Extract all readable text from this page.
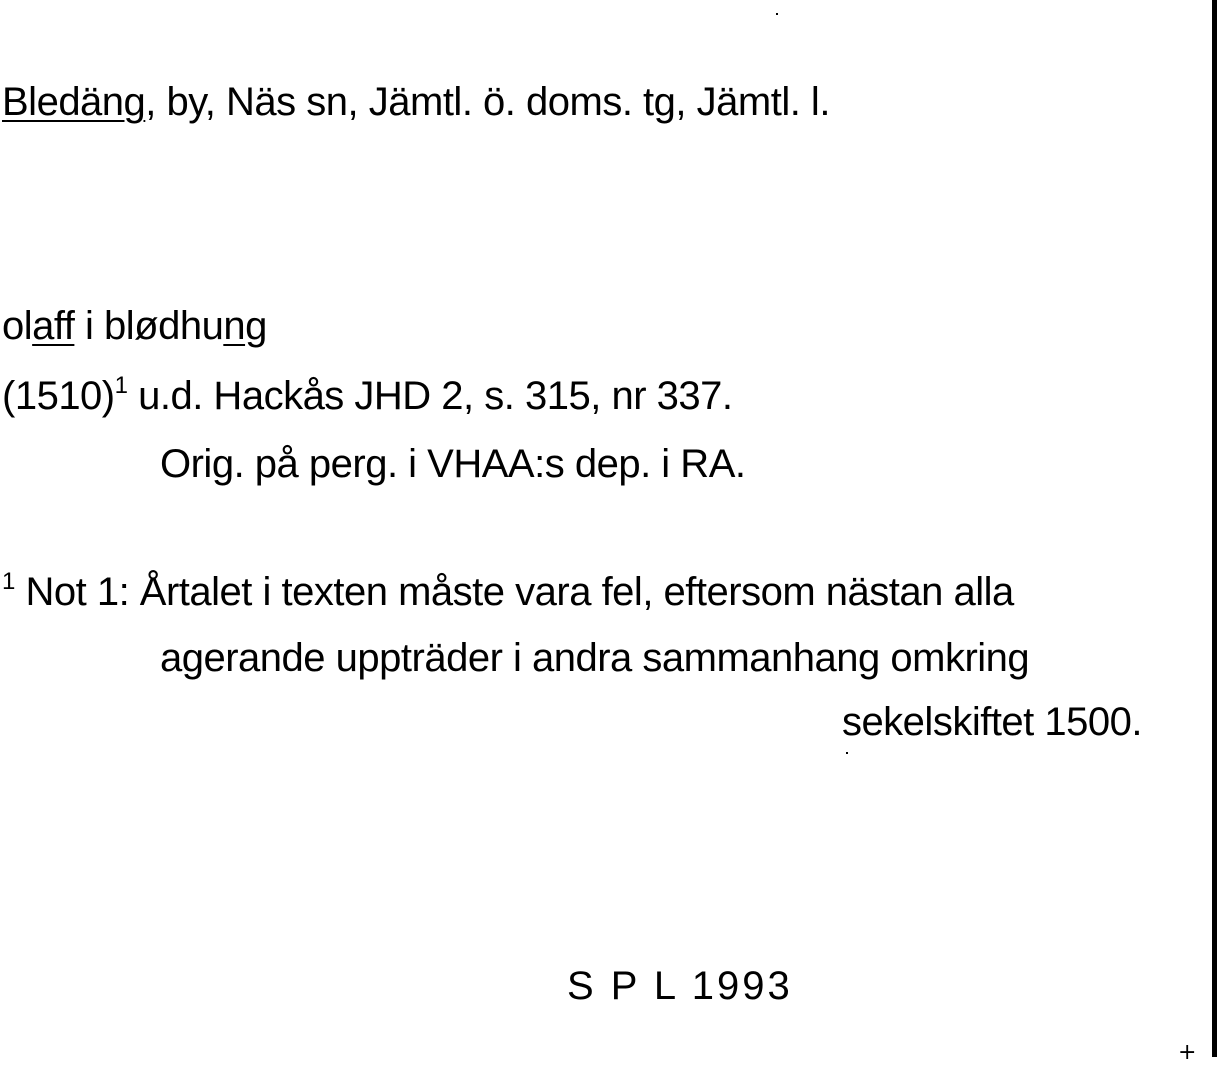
Bledäng, by, Näs sn, Jämtl. ö. doms. tg, Jämtl. l.
olaff i blødhung
$(1510)^1$ u.d. Hackås JHD 2, s. 315, nr 337.
Orig. på perg. i VHAA:s dep. i RA.
$^1$ Not 1: Årtalet i texten måste vara fel, eftersom nästan alla
agerande uppträder i andra sammanhang omkring
sekelskiftet 1500.
S P L 1993
+
